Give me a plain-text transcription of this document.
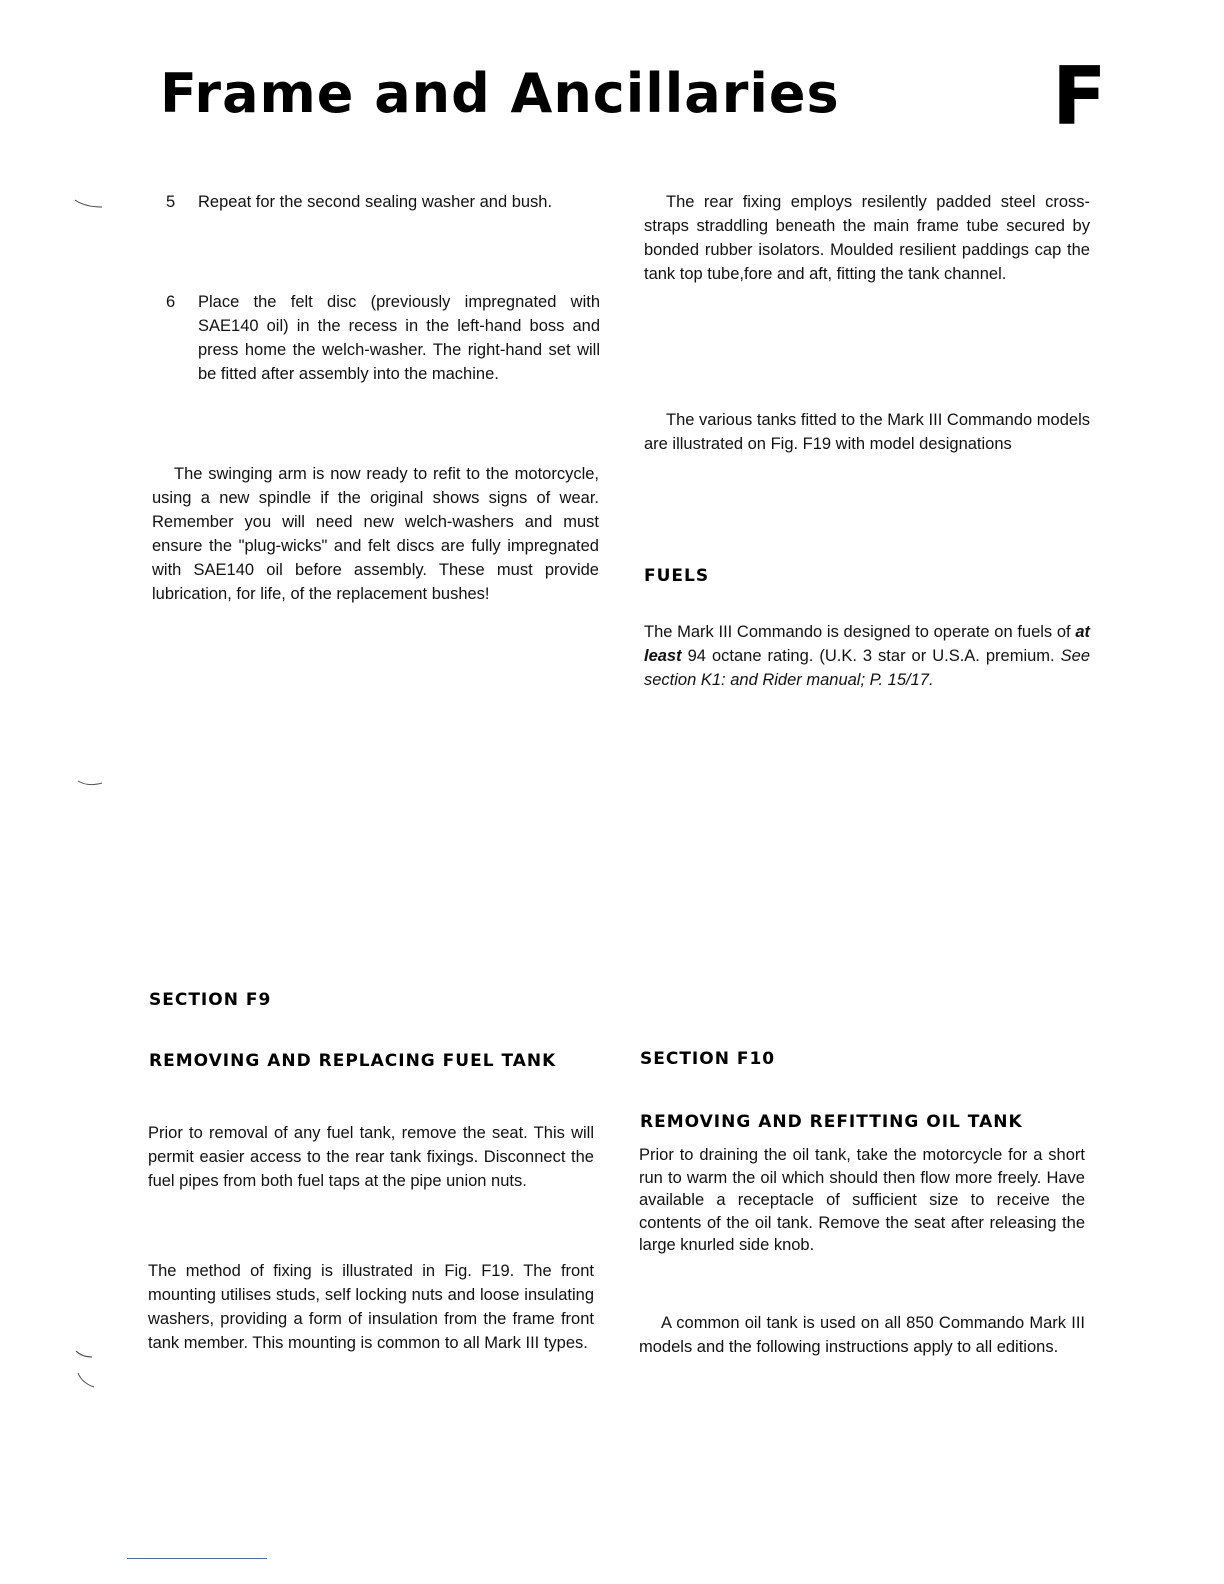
Frame and Ancillaries	F
5	Repeat for the second sealing washer and bush.
6	Place the felt disc (previously impregnated with SAE140 oil) in the recess in the left-hand boss and press home the welch-washer. The right-hand set will be fitted after assembly into the machine.

The swinging arm is now ready to refit to the motorcycle, using a new spindle if the original shows signs of wear. Remember you will need new welch-washers and must ensure the "plug-wicks" and felt discs are fully impregnated with SAE140 oil before assembly. These must provide lubrication, for life, of the replacement bushes!

The rear fixing employs resilently padded steel cross-straps straddling beneath the main frame tube secured by bonded rubber isolators. Moulded resilient paddings cap the tank top tube,fore and aft, fitting the tank channel.

The various tanks fitted to the Mark III Commando models are illustrated on Fig. F19 with model designations

FUELS

The Mark III Commando is designed to operate on fuels of at least 94 octane rating. (U.K. 3 star or U.S.A. premium. See section K1: and Rider manual; P. 15/17.

SECTION F9
REMOVING AND REPLACING FUEL TANK

Prior to removal of any fuel tank, remove the seat. This will permit easier access to the rear tank fixings. Disconnect the fuel pipes from both fuel taps at the pipe union nuts.

The method of fixing is illustrated in Fig. F19. The front mounting utilises studs, self locking nuts and loose insulating washers, providing a form of insulation from the frame front tank member. This mounting is common to all Mark III types.

SECTION F10
REMOVING AND REFITTING OIL TANK

Prior to draining the oil tank, take the motorcycle for a short run to warm the oil which should then flow more freely. Have available a receptacle of sufficient size to receive the contents of the oil tank. Remove the seat after releasing the large knurled side knob.

A common oil tank is used on all 850 Commando Mark III models and the following instructions apply to all editions.
